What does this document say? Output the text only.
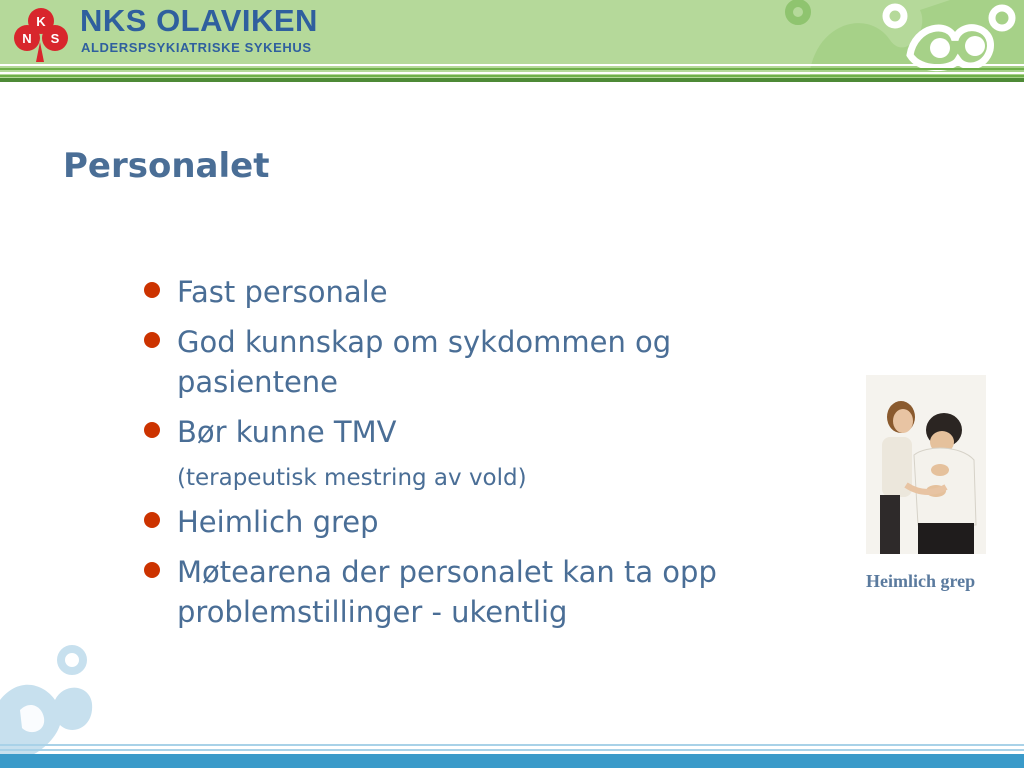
K
N S
NKS OLAVIKEN
ALDERSPSYKIATRISKE SYKEHUS
Personalet
Fast personale
God kunnskap om sykdommen og pasientene
Bør kunne TMV
(terapeutisk mestring av vold)
Heimlich grep
Møtearena der personalet kan ta opp problemstillinger - ukentlig
Heimlich grep
